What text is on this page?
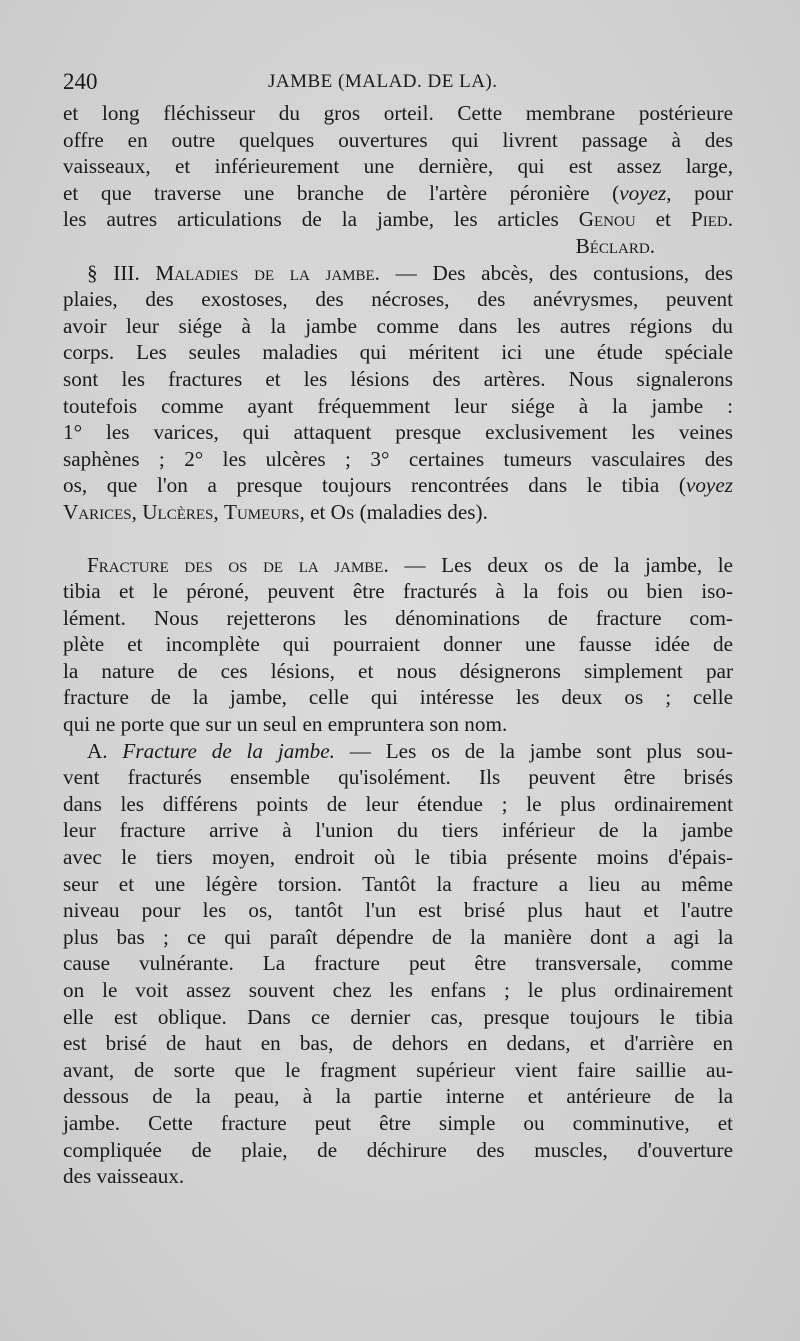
240	JAMBE (MALAD. DE LA).
et long fléchisseur du gros orteil. Cette membrane postérieure
offre en outre quelques ouvertures qui livrent passage à des
vaisseaux, et inférieurement une dernière, qui est assez large,
et que traverse une branche de l'artère péronière (voyez, pour
les autres articulations de la jambe, les articles Genou et Pied.
Béclard.
§ III. Maladies de la jambe. — Des abcès, des contusions, des
plaies, des exostoses, des nécroses, des anévrysmes, peuvent
avoir leur siége à la jambe comme dans les autres régions du
corps. Les seules maladies qui méritent ici une étude spéciale
sont les fractures et les lésions des artères. Nous signalerons
toutefois comme ayant fréquemment leur siége à la jambe :
1° les varices, qui attaquent presque exclusivement les veines
saphènes ; 2° les ulcères ; 3° certaines tumeurs vasculaires des
os, que l'on a presque toujours rencontrées dans le tibia (voyez
Varices, Ulcères, Tumeurs, et Os (maladies des).
Fracture des os de la jambe. — Les deux os de la jambe, le
tibia et le péroné, peuvent être fracturés à la fois ou bien iso-
lément. Nous rejetterons les dénominations de fracture com-
plète et incomplète qui pourraient donner une fausse idée de
la nature de ces lésions, et nous désignerons simplement par
fracture de la jambe, celle qui intéresse les deux os ; celle
qui ne porte que sur un seul en empruntera son nom.
A. Fracture de la jambe. — Les os de la jambe sont plus sou-
vent fracturés ensemble qu'isolément. Ils peuvent être brisés
dans les différens points de leur étendue ; le plus ordinairement
leur fracture arrive à l'union du tiers inférieur de la jambe
avec le tiers moyen, endroit où le tibia présente moins d'épais-
seur et une légère torsion. Tantôt la fracture a lieu au même
niveau pour les os, tantôt l'un est brisé plus haut et l'autre
plus bas ; ce qui paraît dépendre de la manière dont a agi la
cause vulnérante. La fracture peut être transversale, comme
on le voit assez souvent chez les enfans ; le plus ordinairement
elle est oblique. Dans ce dernier cas, presque toujours le tibia
est brisé de haut en bas, de dehors en dedans, et d'arrière en
avant, de sorte que le fragment supérieur vient faire saillie au-
dessous de la peau, à la partie interne et antérieure de la
jambe. Cette fracture peut être simple ou comminutive, et
compliquée de plaie, de déchirure des muscles, d'ouverture
des vaisseaux.
